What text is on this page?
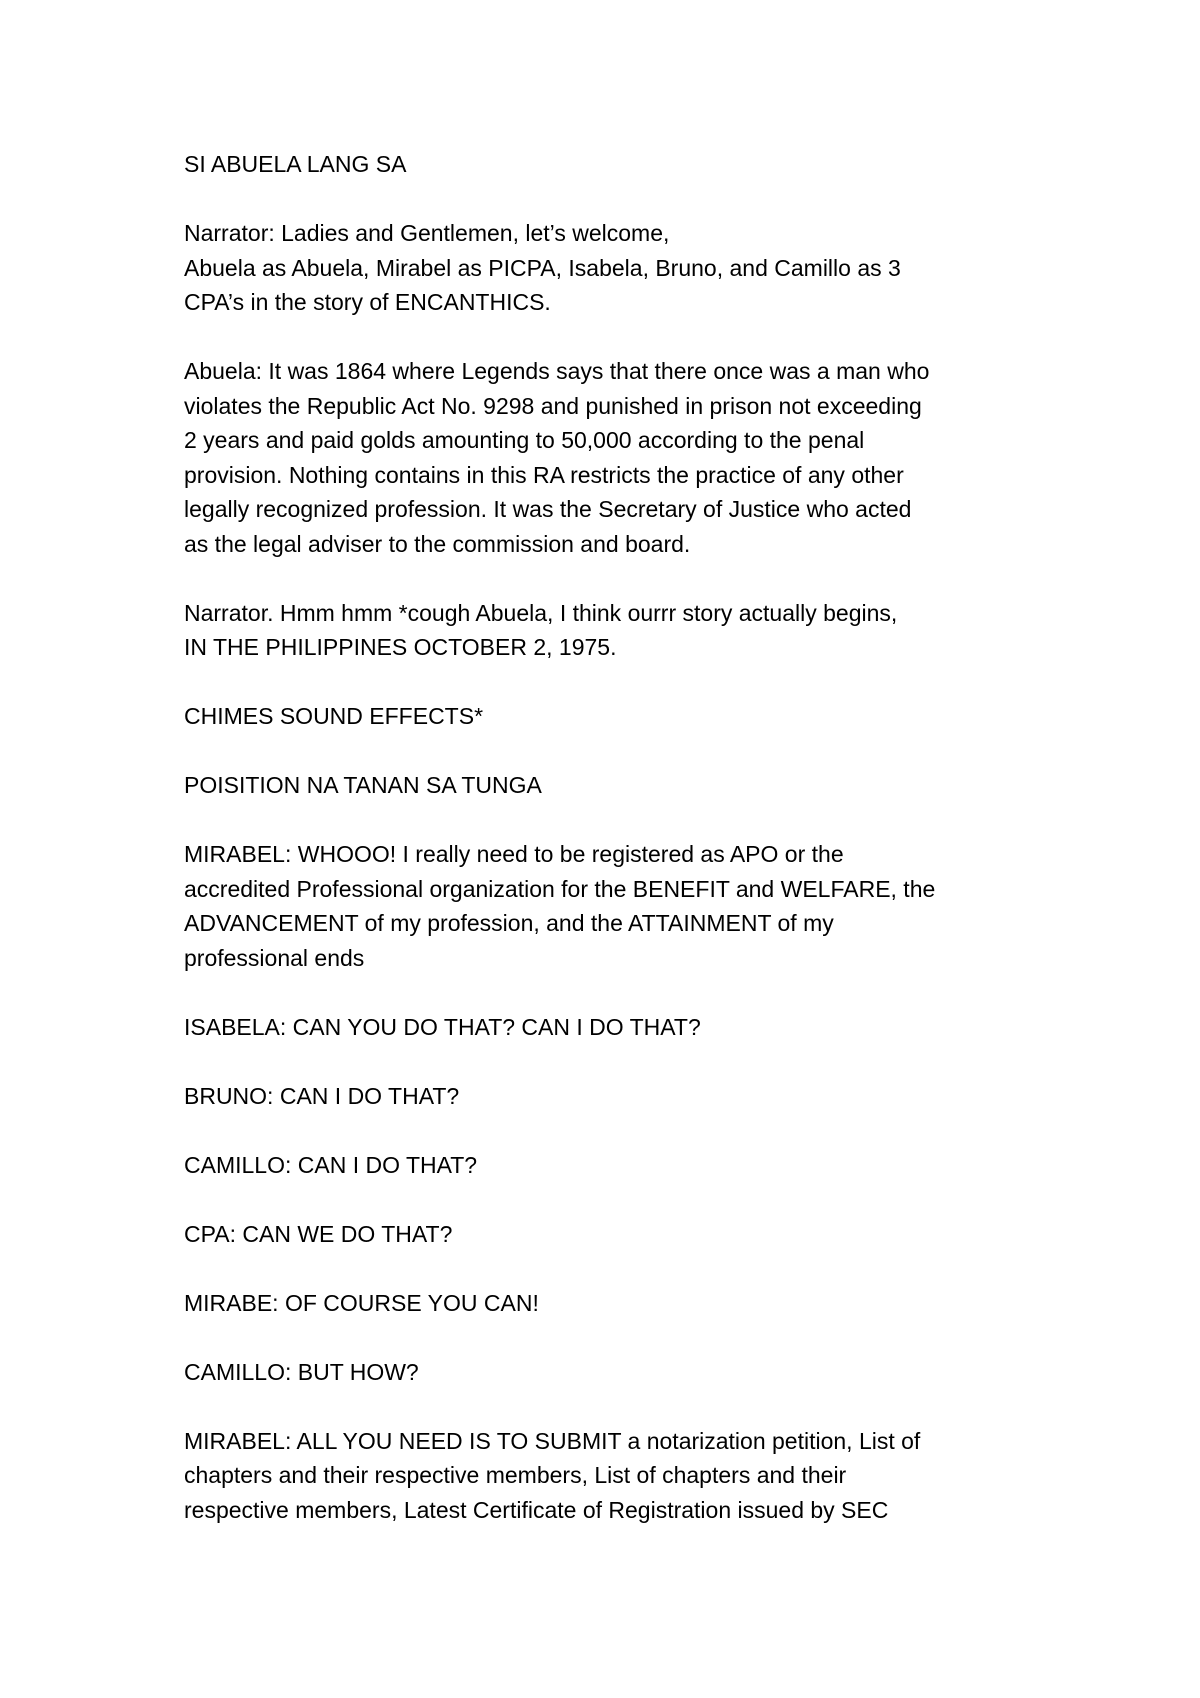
SI ABUELA LANG SA

Narrator: Ladies and Gentlemen, let’s welcome,
Abuela as Abuela, Mirabel as PICPA, Isabela, Bruno, and Camillo as 3
CPA’s in the story of ENCANTHICS.

Abuela: It was 1864 where Legends says that there once was a man who
violates the Republic Act No. 9298 and punished in prison not exceeding
2 years and paid golds amounting to 50,000 according to the penal
provision. Nothing contains in this RA restricts the practice of any other
legally recognized profession. It was the Secretary of Justice who acted
as the legal adviser to the commission and board.

Narrator. Hmm hmm *cough Abuela, I think ourrr story actually begins,
IN THE PHILIPPINES OCTOBER 2, 1975.

CHIMES SOUND EFFECTS*

POISITION NA TANAN SA TUNGA

MIRABEL: WHOOO! I really need to be registered as APO or the
accredited Professional organization for the BENEFIT and WELFARE, the
ADVANCEMENT of my profession, and the ATTAINMENT of my
professional ends

ISABELA: CAN YOU DO THAT? CAN I DO THAT?

BRUNO: CAN I DO THAT?

CAMILLO: CAN I DO THAT?

CPA: CAN WE DO THAT?

MIRABE: OF COURSE YOU CAN!

CAMILLO: BUT HOW?

MIRABEL: ALL YOU NEED IS TO SUBMIT a notarization petition, List of
chapters and their respective members, List of chapters and their
respective members, Latest Certificate of Registration issued by SEC
